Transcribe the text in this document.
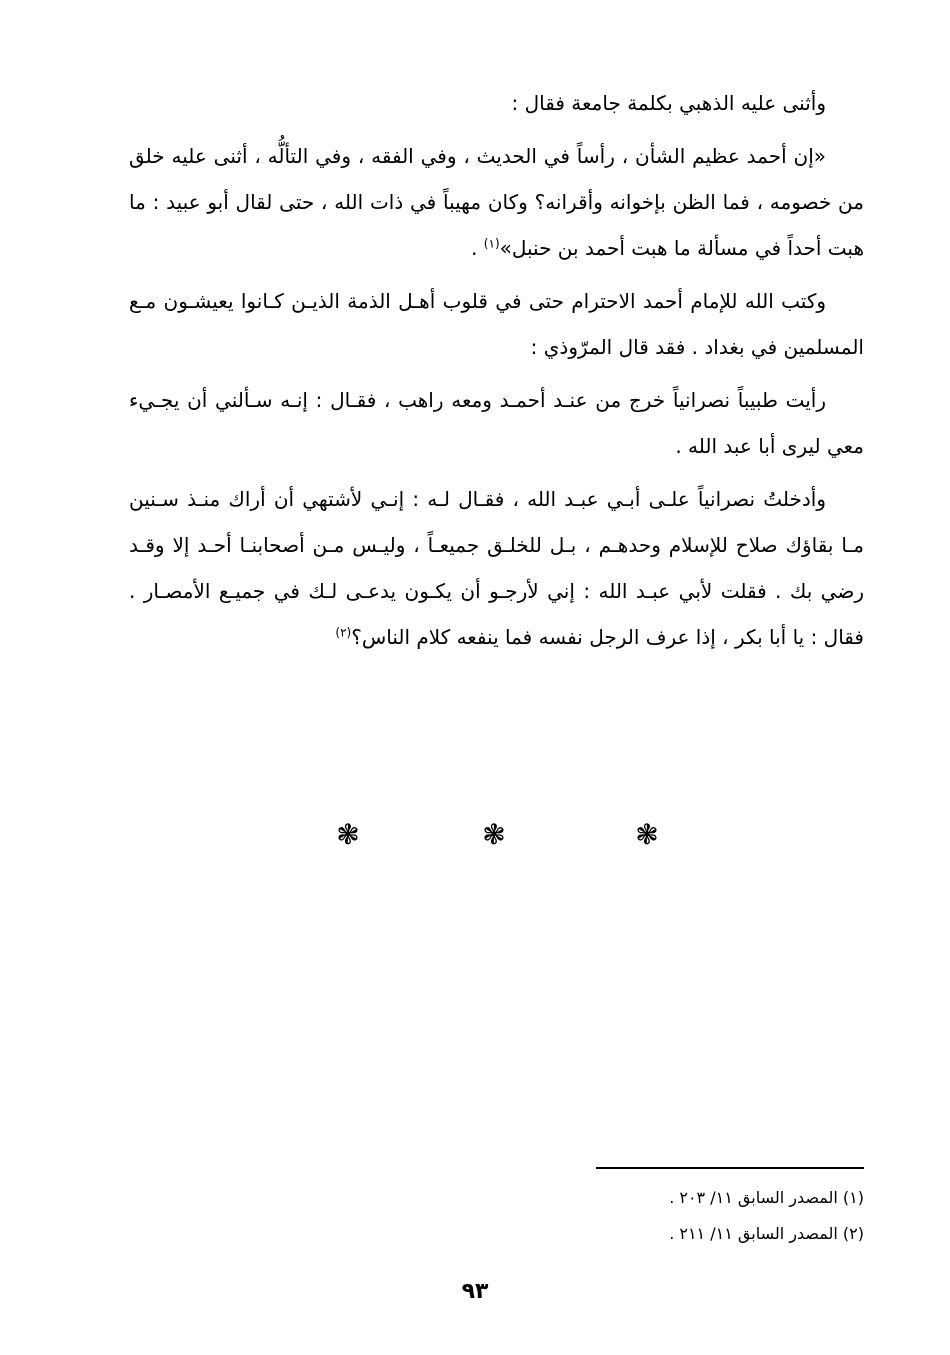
وأثنى عليه الذهبي بكلمة جامعة فقال :

«إن أحمد عظيم الشأن ، رأساً في الحديث ، وفي الفقه ، وفي التألُّه ، أثنى عليه خلق من خصومه ، فما الظن بإخوانه وأقرانه؟ وكان مهيباً في ذات الله ، حتى لقال أبو عبيد : ما هبت أحداً في مسألة ما هبت أحمد بن حنبل»$^{(١)}$ .

وكتب الله للإمام أحمد الاحترام حتى في قلوب أهـل الذمة الذيـن كـانوا يعيشـون مـع المسلمين في بغداد . فقد قال المرّوذي :

رأيت طبيباً نصرانياً خرج من عنـد أحمـد ومعه راهب ، فقـال : إنـه سـألني أن يجـيء معي ليرى أبا عبد الله .

وأدخلتُ نصرانياً علـى أبـي عبـد الله ، فقـال لـه : إنـي لأشتهي أن أراك منـذ سـنين مـا بقاؤك صلاح للإسلام وحدهـم ، بـل للخلـق جميعـاً ، وليـس مـن أصحابنـا أحـد إلا وقـد رضي بك . فقلت لأبي عبـد الله : إني لأرجـو أن يكـون يدعـى لـك في جميـع الأمصـار . فقال : يا أبا بكر ، إذا عرف الرجل نفسه فما ينفعه كلام الناس؟$^{(٢)}$

❃	❃	❃

(١) المصدر السابق ١١/ ٢٠٣ .

(٢) المصدر السابق ١١/ ٢١١ .

٩٣
